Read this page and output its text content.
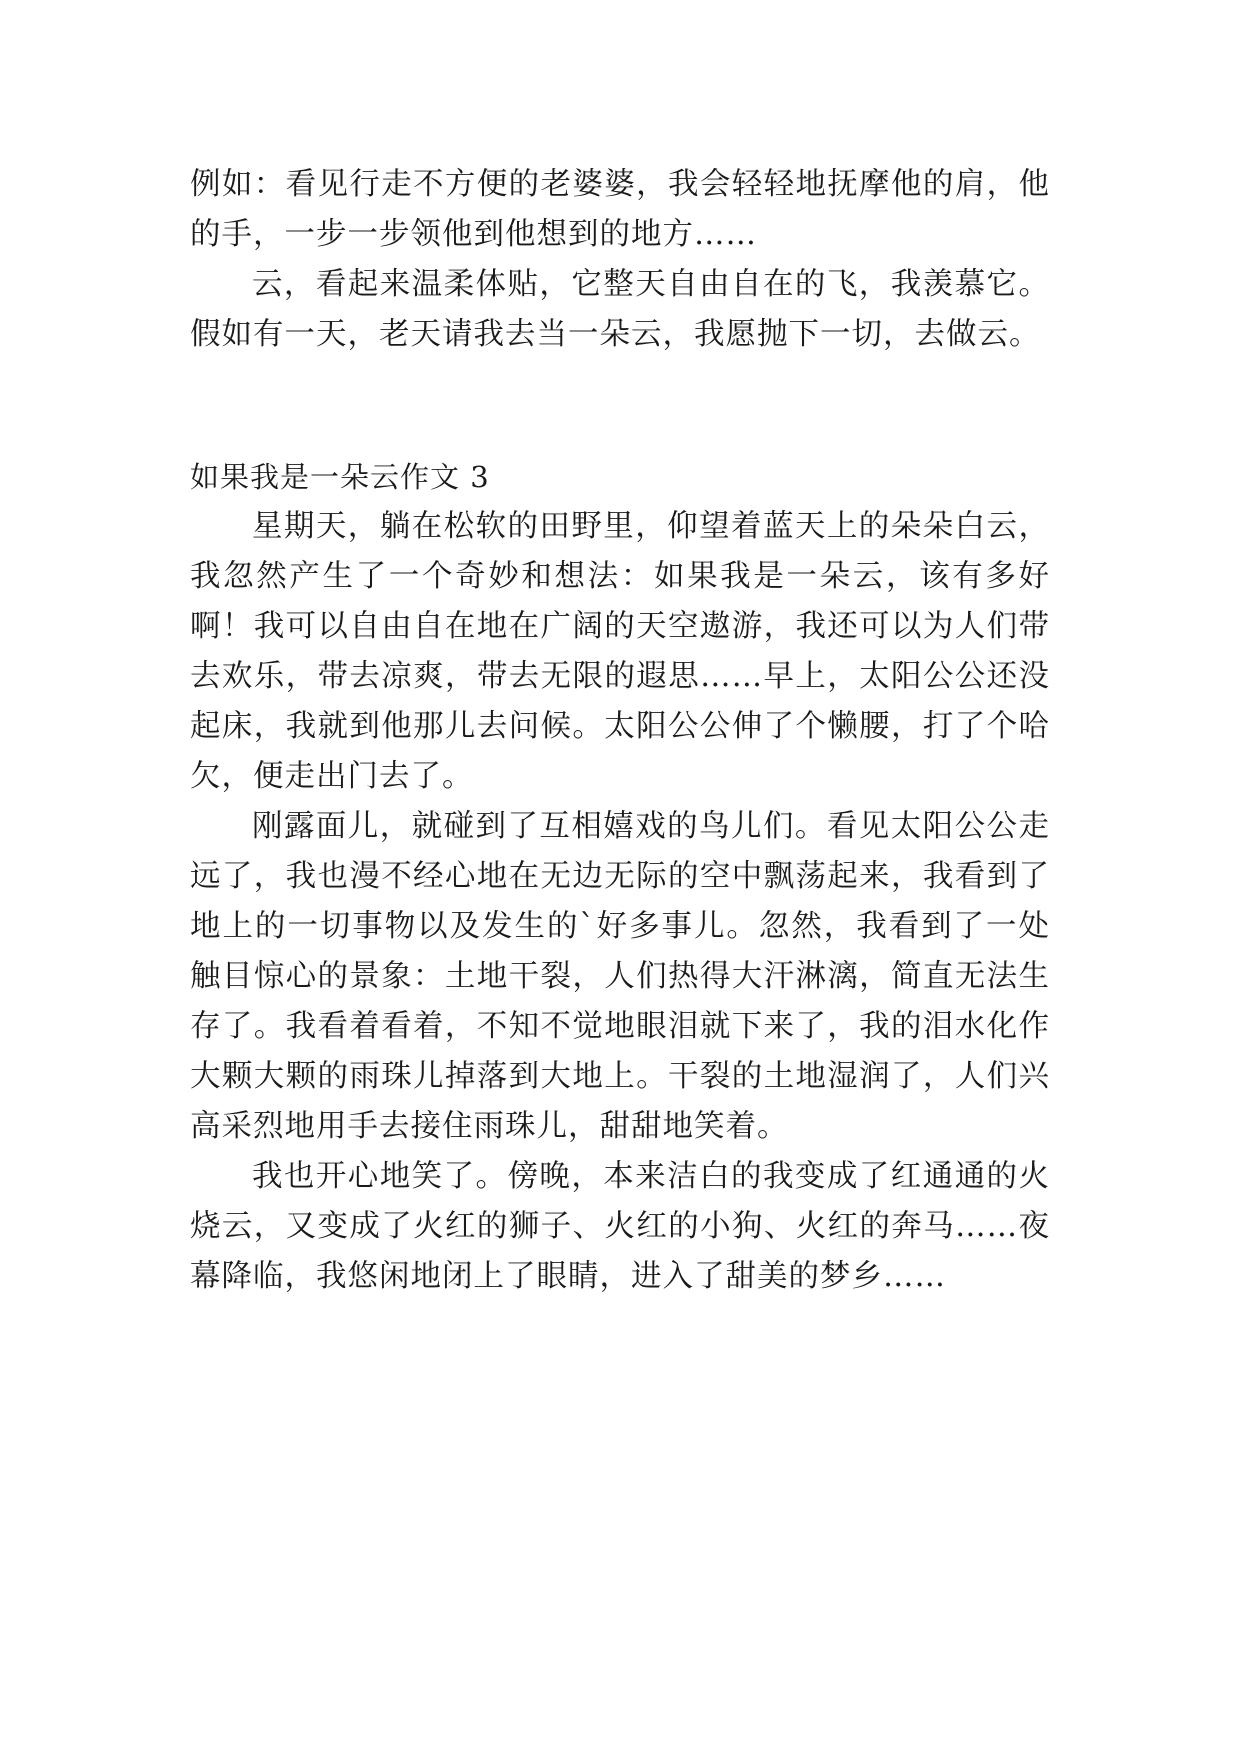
例如：看见行走不方便的老婆婆，我会轻轻地抚摩他的肩，他的手，一步一步领他到他想到的地方……

云，看起来温柔体贴，它整天自由自在的飞，我羡慕它。假如有一天，老天请我去当一朵云，我愿抛下一切，去做云。

如果我是一朵云作文 3

星期天，躺在松软的田野里，仰望着蓝天上的朵朵白云，我忽然产生了一个奇妙和想法：如果我是一朵云，该有多好啊！我可以自由自在地在广阔的天空遨游，我还可以为人们带去欢乐，带去凉爽，带去无限的遐思……早上，太阳公公还没起床，我就到他那儿去问候。太阳公公伸了个懒腰，打了个哈欠，便走出门去了。

刚露面儿，就碰到了互相嬉戏的鸟儿们。看见太阳公公走远了，我也漫不经心地在无边无际的空中飘荡起来，我看到了地上的一切事物以及发生的`好多事儿。忽然，我看到了一处触目惊心的景象：土地干裂，人们热得大汗淋漓，简直无法生存了。我看着看着，不知不觉地眼泪就下来了，我的泪水化作大颗大颗的雨珠儿掉落到大地上。干裂的土地湿润了，人们兴高采烈地用手去接住雨珠儿，甜甜地笑着。

我也开心地笑了。傍晚，本来洁白的我变成了红通通的火烧云，又变成了火红的狮子、火红的小狗、火红的奔马……夜幕降临，我悠闲地闭上了眼睛，进入了甜美的梦乡……
